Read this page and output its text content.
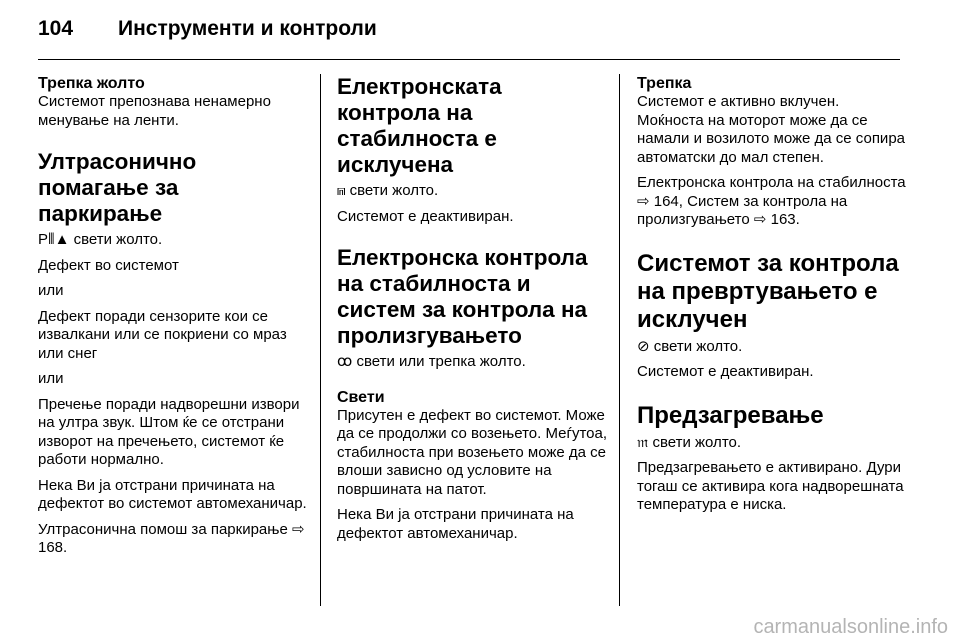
104 Инструменти и контроли
Трепка жолто
Системот препознава ненамерно менување на ленти.
Ултрасонично помагање за паркирање
P⦀▲ свети жолто.
Дефект во системот
или
Дефект поради сензорите кои се извалкани или се покриени со мраз или снег
или
Пречење поради надворешни извори на ултра звук. Штом ќе се отстрани изворот на пречењето, системот ќе работи нормално.
Нека Ви ја отстрани причината на дефектот во системот автомеханичар.
Ултрасонична помош за паркирање ⇨ 168.
Електронската контрола на стабилноста е исклучена
⩎ свети жолто.
Системот е деактивиран.
Електронска контрола на стабилноста и систем за контрола на пролизгувањето
ꝏ свети или трепка жолто.
Свети
Присутен е дефект во системот. Може да се продолжи со возењето. Меѓутоа, стабилноста при возењето може да се влоши зависно од условите на површината на патот.
Нека Ви ја отстрани причината на дефектот автомеханичар.
Трепка
Системот е активно вклучен. Моќноста на моторот може да се намали и возилото може да се сопира автоматски до мал степен.
Електронска контрола на стабилноста ⇨ 164, Систем за контрола на пролизгувањето ⇨ 163.
Системот за контрола на превртувањето е исклучен
⊘ свети жолто.
Системот е деактивиран.
Предзагревање
𝔪 свети жолто.
Предзагревањето е активирано. Дури тогаш се активира кога надворешната температура е ниска.
carmanualsonline.info
